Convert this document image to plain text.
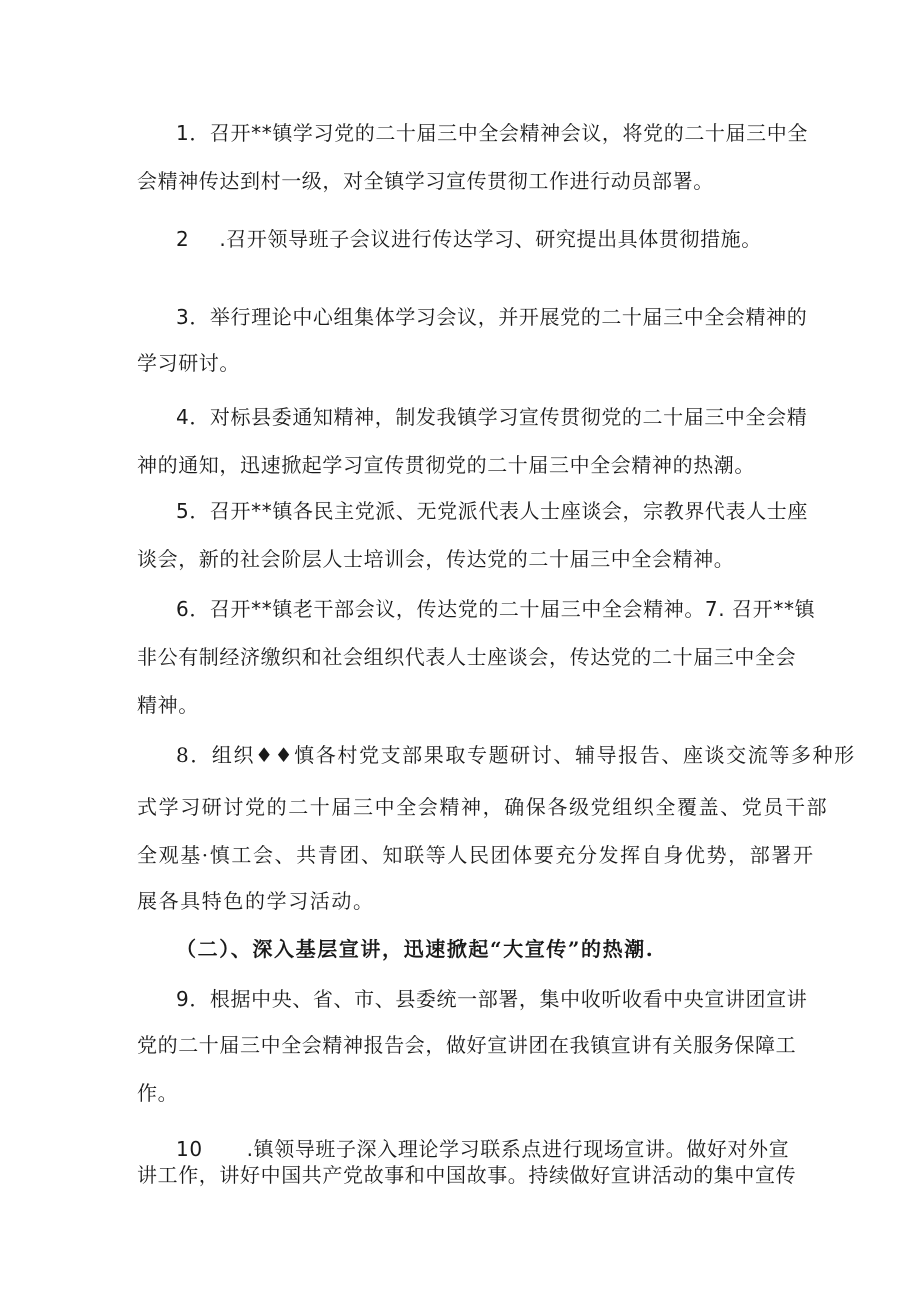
1．召开**镇学习党的二十届三中全会精神会议，将党的二十届三中全
会精神传达到村一级，对全镇学习宣传贯彻工作进行动员部署。
2 .召开领导班子会议进行传达学习、研究提出具体贯彻措施。
3．举行理论中心组集体学习会议，并开展党的二十届三中全会精神的
学习研讨。
4．对标县委通知精神，制发我镇学习宣传贯彻党的二十届三中全会精
神的通知，迅速掀起学习宣传贯彻党的二十届三中全会精神的热潮。
5．召开**镇各民主党派、无党派代表人士座谈会，宗教界代表人士座
谈会，新的社会阶层人士培训会，传达党的二十届三中全会精神。
6．召开**镇老干部会议，传达党的二十届三中全会精神。7. 召开**镇
非公有制经济缴织和社会组织代表人士座谈会，传达党的二十届三中全会
精神。
8．组织♦♦慎各村党支部果取专题研讨、辅导报告、座谈交流等多种形
式学习研讨党的二十届三中全会精神，确保各级党组织全覆盖、党员干部
全观基·慎工会、共青团、知联等人民团体要充分发挥自身优势，部署开
展各具特色的学习活动。
（二）、深入基层宣讲，迅速掀起“大宣传”的热潮.
9．根据中央、省、市、县委统一部署，集中收听收看中央宣讲团宣讲
党的二十届三中全会精神报告会，做好宣讲团在我镇宣讲有关服务保障工
作。
10 .镇领导班子深入理论学习联系点进行现场宣讲。做好对外宣
讲工作，讲好中国共产党故事和中国故事。持续做好宣讲活动的集中宣传
